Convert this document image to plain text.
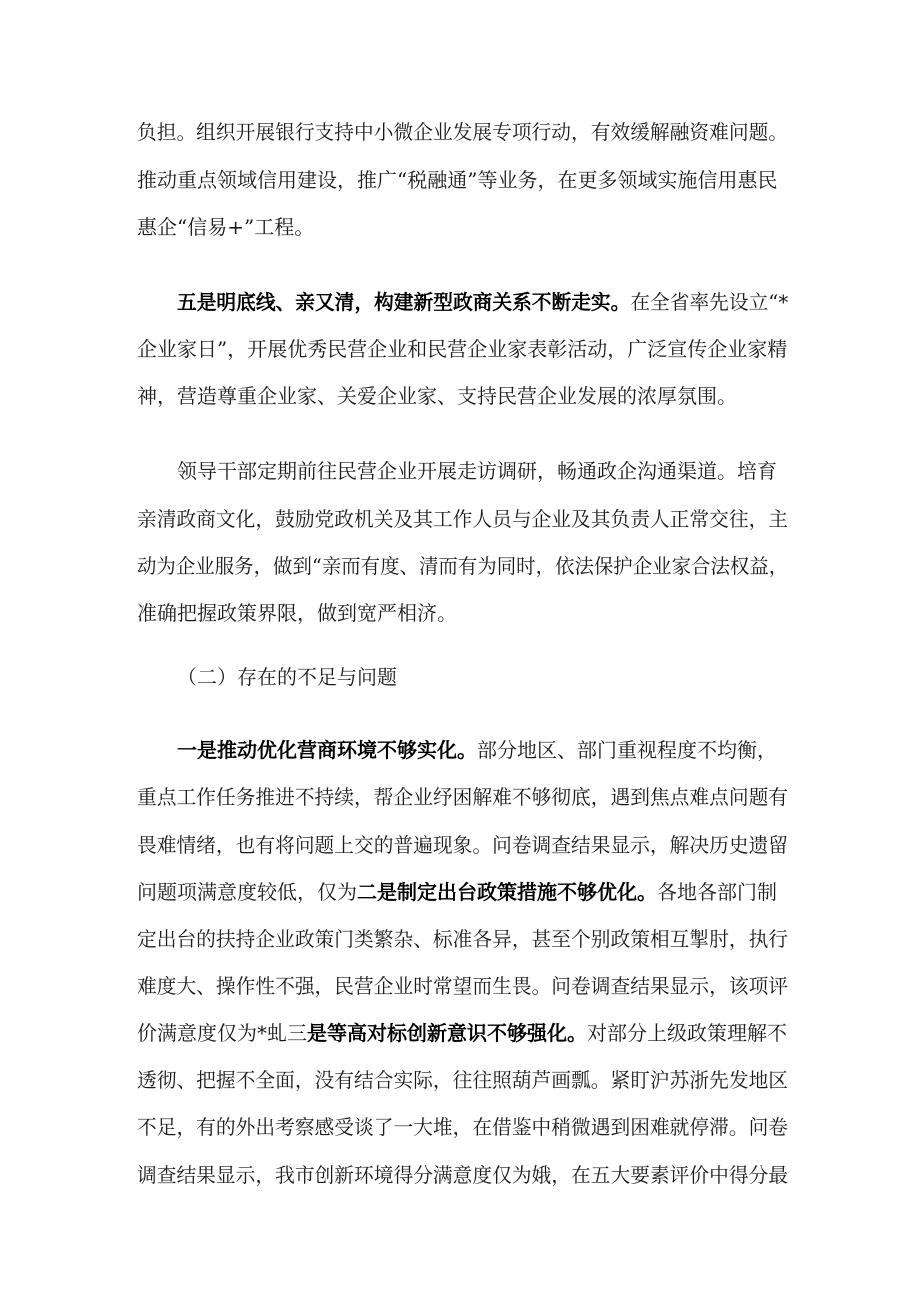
负担。组织开展银行支持中小微企业发展专项行动，有效缓解融资难问题。
推动重点领域信用建设，推广“税融通”等业务，在更多领域实施信用惠民
惠企“信易+”工程。
五是明底线、亲又清，构建新型政商关系不断走实。在全省率先设立“*
企业家日”，开展优秀民营企业和民营企业家表彰活动，广泛宣传企业家精
神，营造尊重企业家、关爱企业家、支持民营企业发展的浓厚氛围。
领导干部定期前往民营企业开展走访调研，畅通政企沟通渠道。培育
亲清政商文化，鼓励党政机关及其工作人员与企业及其负责人正常交往，主
动为企业服务，做到“亲而有度、清而有为同时，依法保护企业家合法权益，
准确把握政策界限，做到宽严相济。
（二）存在的不足与问题
一是推动优化营商环境不够实化。部分地区、部门重视程度不均衡，
重点工作任务推进不持续，帮企业纾困解难不够彻底，遇到焦点难点问题有
畏难情绪，也有将问题上交的普遍现象。问卷调查结果显示，解决历史遗留
问题项满意度较低，仅为二是制定出台政策措施不够优化。各地各部门制
定出台的扶持企业政策门类繁杂、标准各异，甚至个别政策相互掣肘，执行
难度大、操作性不强，民营企业时常望而生畏。问卷调查结果显示，该项评
价满意度仅为*虬三是等高对标创新意识不够强化。对部分上级政策理解不
透彻、把握不全面，没有结合实际，往往照葫芦画瓢。紧盯沪苏浙先发地区
不足，有的外出考察感受谈了一大堆，在借鉴中稍微遇到困难就停滞。问卷
调查结果显示，我市创新环境得分满意度仅为娥，在五大要素评价中得分最
